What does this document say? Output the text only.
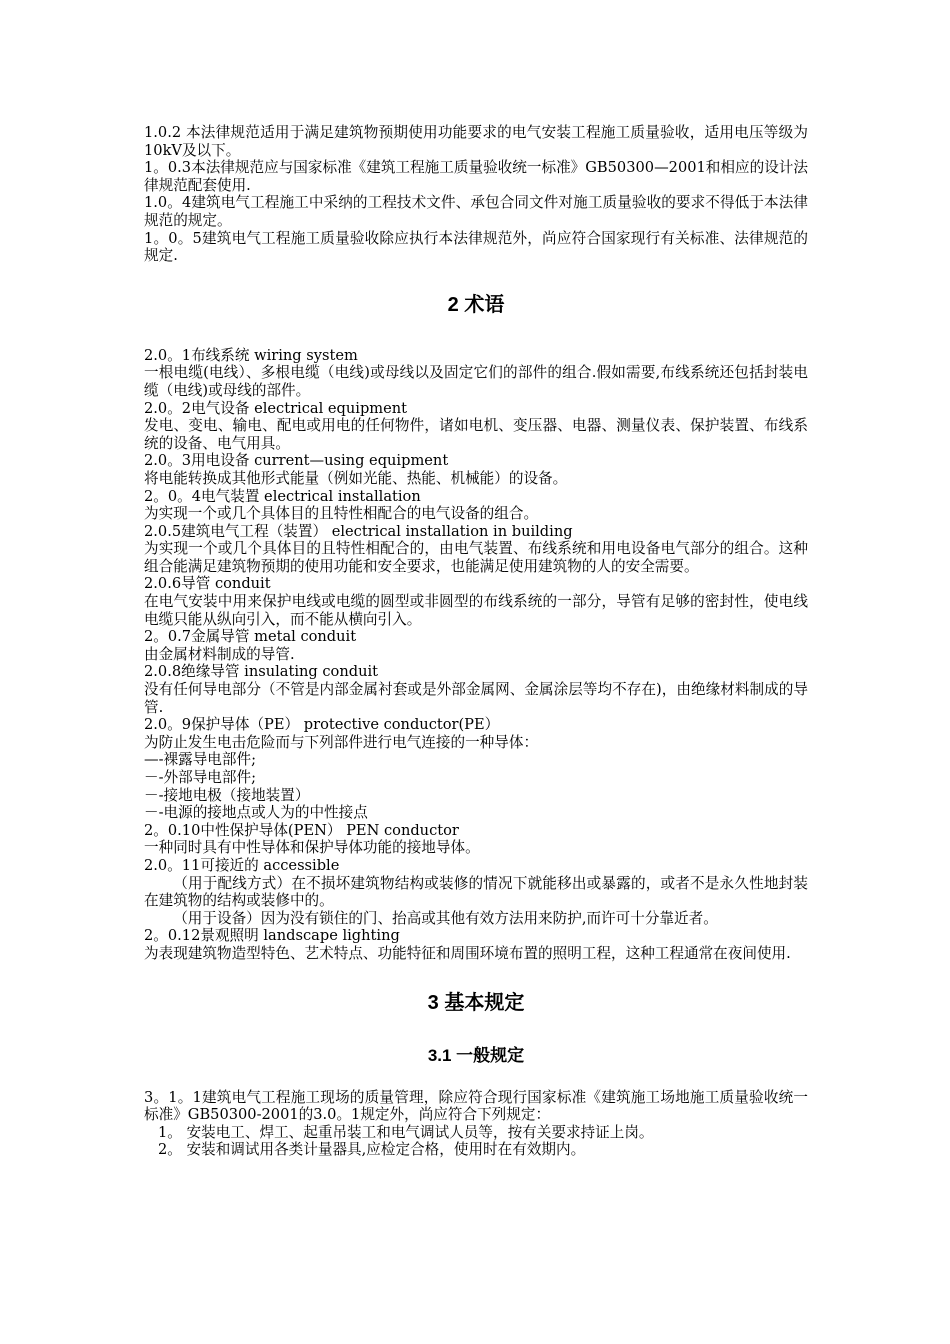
1.0.2 本法律规范适用于满足建筑物预期使用功能要求的电气安装工程施工质量验收，适用电压等级为10kV及以下。

1。0.3本法律规范应与国家标准《建筑工程施工质量验收统一标准》GB50300—2001和相应的设计法律规范配套使用.

1.0。4建筑电气工程施工中采纳的工程技术文件、承包合同文件对施工质量验收的要求不得低于本法律规范的规定。

1。0。5建筑电气工程施工质量验收除应执行本法律规范外，尚应符合国家现行有关标准、法律规范的规定.

2 术语

2.0。1布线系统 wiring system

一根电缆(电线）、多根电缆（电线)或母线以及固定它们的部件的组合.假如需要,布线系统还包括封装电缆（电线)或母线的部件。

2.0。2电气设备 electrical equipment

发电、变电、输电、配电或用电的任何物件，诸如电机、变压器、电器、测量仪表、保护装置、布线系统的设备、电气用具。

2.0。3用电设备 current—using equipment

将电能转换成其他形式能量（例如光能、热能、机械能）的设备。

2。0。4电气装置 electrical installation

为实现一个或几个具体目的且特性相配合的电气设备的组合。

2.0.5建筑电气工程（装置） electrical installation in building

为实现一个或几个具体目的且特性相配合的，由电气装置、布线系统和用电设备电气部分的组合。这种组合能满足建筑物预期的使用功能和安全要求，也能满足使用建筑物的人的安全需要。

2.0.6导管 conduit

在电气安装中用来保护电线或电缆的圆型或非圆型的布线系统的一部分，导管有足够的密封性，使电线电缆只能从纵向引入，而不能从横向引入。

2。0.7金属导管 metal conduit

由金属材料制成的导管.

2.0.8绝缘导管 insulating conduit

没有任何导电部分（不管是内部金属衬套或是外部金属网、金属涂层等均不存在)，由绝缘材料制成的导管.

2.0。9保护导体（PE） protective conductor(PE）

为防止发生电击危险而与下列部件进行电气连接的一种导体：

—-裸露导电部件;

－-外部导电部件;

－-接地电极（接地装置）

－-电源的接地点或人为的中性接点

2。0.10中性保护导体(PEN） PEN conductor

一种同时具有中性导体和保护导体功能的接地导体。

2.0。11可接近的 accessible

（用于配线方式）在不损坏建筑物结构或装修的情况下就能移出或暴露的，或者不是永久性地封装在建筑物的结构或装修中的。

（用于设备）因为没有锁住的门、抬高或其他有效方法用来防护,而许可十分靠近者。

2。0.12景观照明 landscape lighting

为表现建筑物造型特色、艺术特点、功能特征和周围环境布置的照明工程，这种工程通常在夜间使用.

3 基本规定
3.1 一般规定

3。1。1建筑电气工程施工现场的质量管理，除应符合现行国家标准《建筑施工场地施工质量验收统一标准》GB50300-2001的3.0。1规定外，尚应符合下列规定：

1。 安装电工、焊工、起重吊装工和电气调试人员等，按有关要求持证上岗。

2。 安装和调试用各类计量器具,应检定合格，使用时在有效期内。
